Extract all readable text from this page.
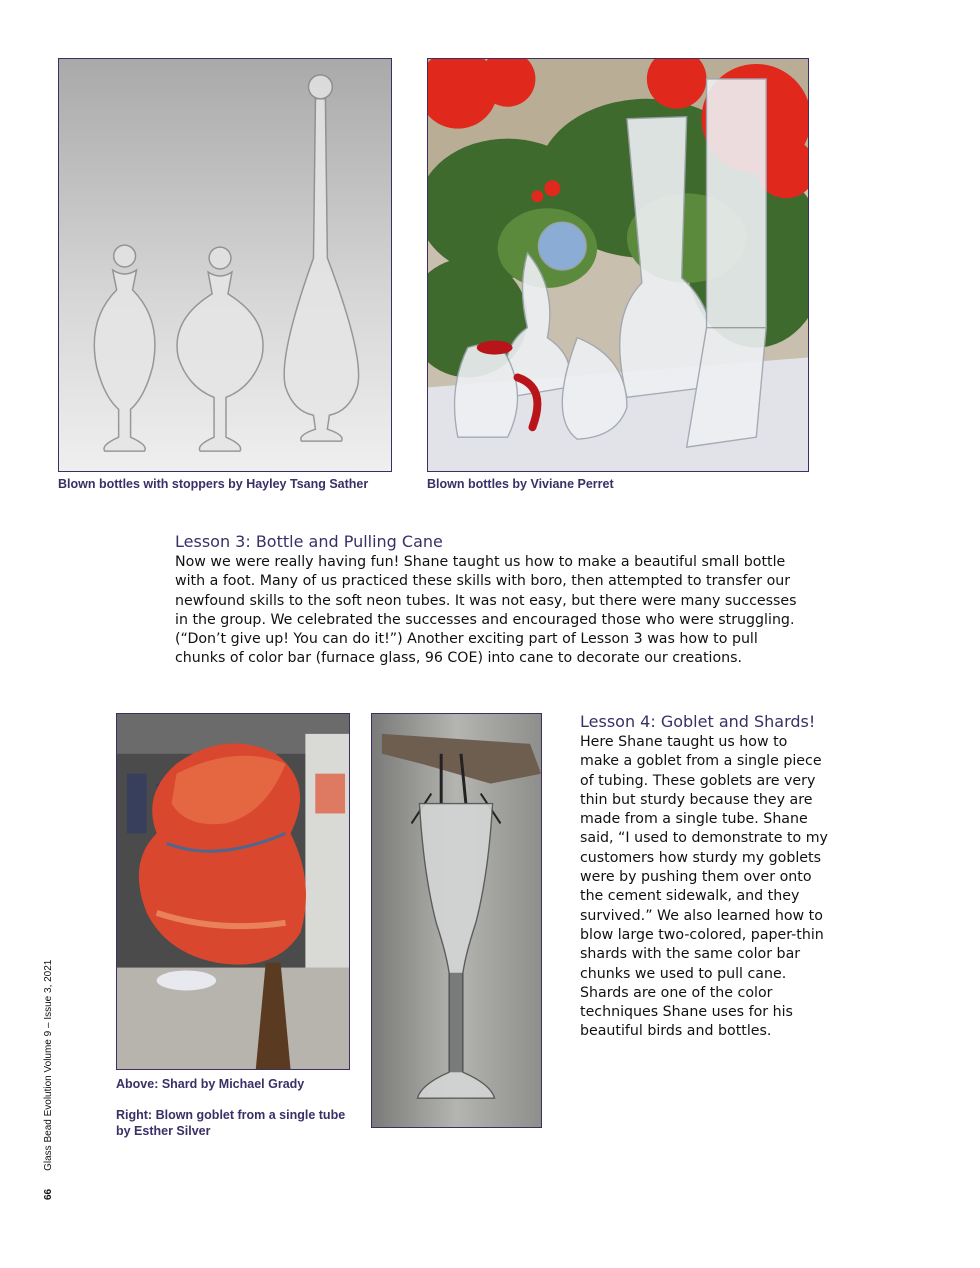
Blown bottles with stoppers by Hayley Tsang Sather	Blown bottles by Viviane Perret
Lesson 3: Bottle and Pulling Cane

Now we were really having fun! Shane taught us how to make a beautiful small bottle with a foot. Many of us practiced these skills with boro, then attempted to transfer our newfound skills to the soft neon tubes. It was not easy, but there were many successes in the group. We celebrated the successes and encouraged those who were struggling. (“Don’t give up! You can do it!”) Another exciting part of Lesson 3 was how to pull chunks of color bar (furnace glass, 96 COE) into cane to decorate our creations.

Above: Shard by Michael Grady
Right: Blown goblet from a single tube by Esther Silver
Lesson 4: Goblet and Shards!

Here Shane taught us how to make a goblet from a single piece of tubing. These goblets are very thin but sturdy because they are made from a single tube. Shane said, “I used to demonstrate to my customers how sturdy my goblets were by pushing them over onto the cement sidewalk, and they survived.” We also learned how to blow large two-colored, paper-thin shards with the same color bar chunks we used to pull cane. Shards are one of the color techniques Shane uses for his beautiful birds and bottles.

66
Glass Bead Evolution Volume 9 – Issue 3, 2021
